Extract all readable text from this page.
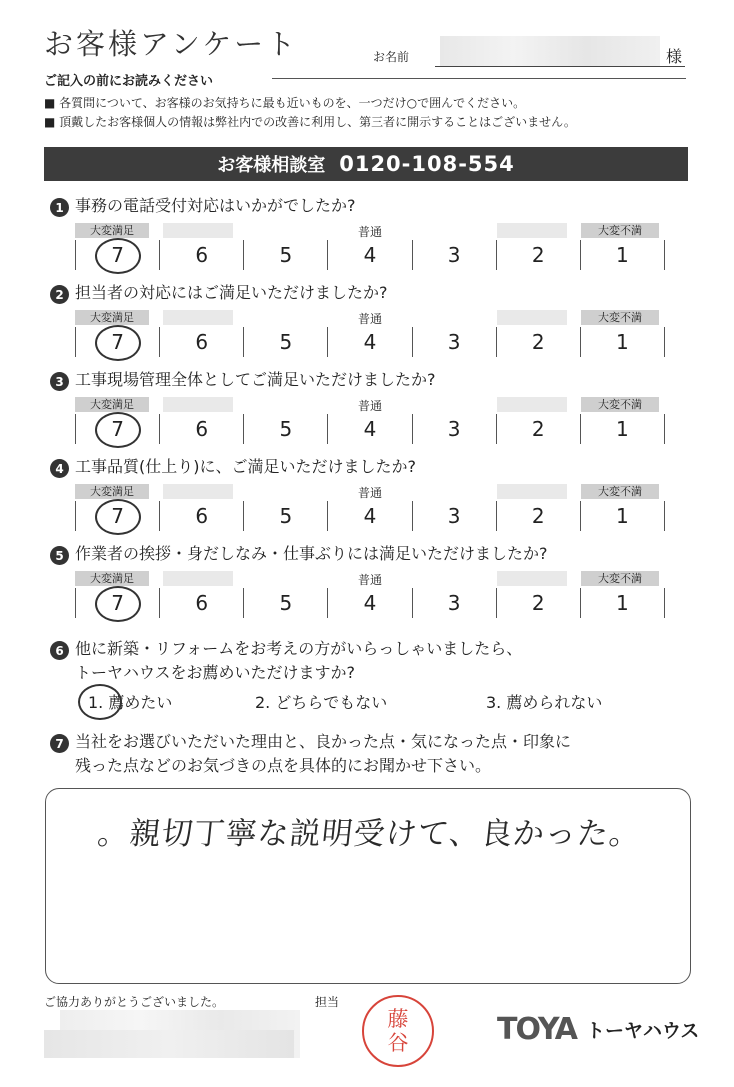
お客様アンケート	お名前	様
ご記入の前にお読みください
■ 各質問について、お客様のお気持ちに最も近いものを、一つだけ○で囲んでください。
■ 頂戴したお客様個人の情報は弊社内での改善に利用し、第三者に開示することはございません。
お客様相談室 0120-108-554
1 事務の電話受付対応はいかがでしたか?
大変満足	普通	大変不満
7	6	5	4	3	2	1
2 担当者の対応にはご満足いただけましたか?
大変満足	普通	大変不満
7	6	5	4	3	2	1
3 工事現場管理全体としてご満足いただけましたか?
大変満足	普通	大変不満
7	6	5	4	3	2	1
4 工事品質(仕上り)に、ご満足いただけましたか?
大変満足	普通	大変不満
7	6	5	4	3	2	1
5 作業者の挨拶・身だしなみ・仕事ぶりには満足いただけましたか?
大変満足	普通	大変不満
7	6	5	4	3	2	1
6 他に新築・リフォームをお考えの方がいらっしゃいましたら、
トーヤハウスをお薦めいただけますか?
1. 薦めたい	2. どちらでもない	3. 薦められない
7 当社をお選びいただいた理由と、良かった点・気になった点・印象に
残った点などのお気づきの点を具体的にお聞かせ下さい。
。親切丁寧な説明受けて、良かった。
ご協力ありがとうございました。	担当
藤
谷	TOYA トーヤハウス
